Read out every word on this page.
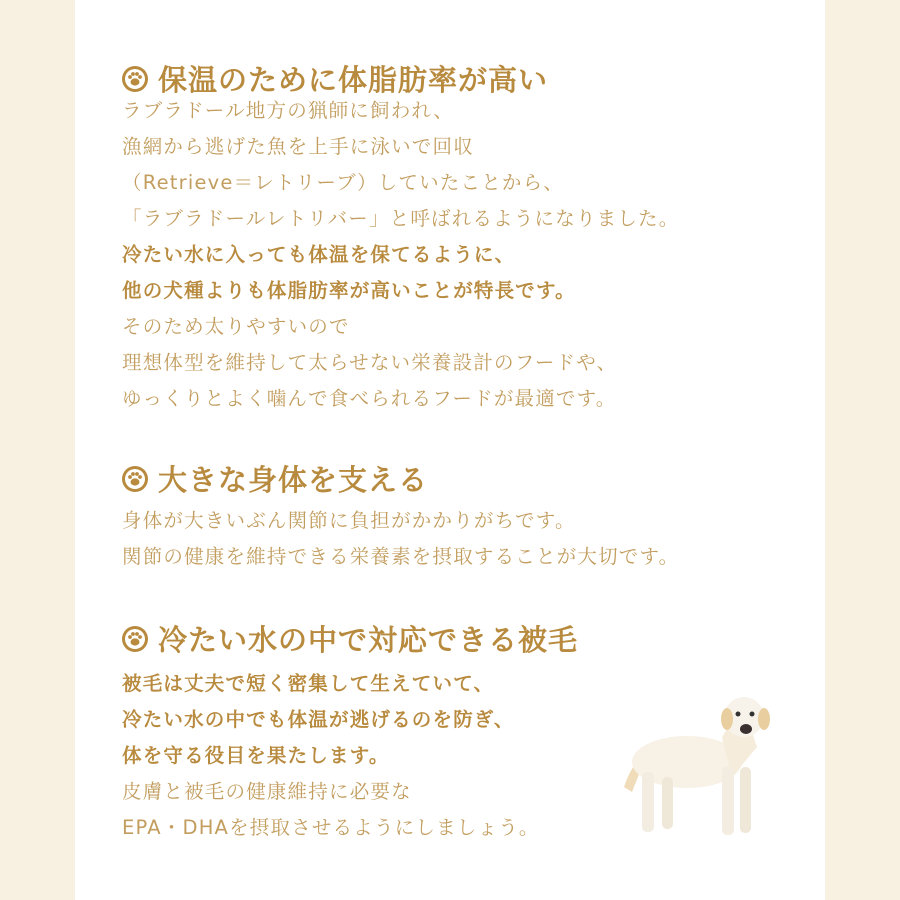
保温のために体脂肪率が高い
ラブラドール地方の猟師に飼われ、
漁網から逃げた魚を上手に泳いで回収
（Retrieve＝レトリーブ）していたことから、
「ラブラドールレトリバー」と呼ばれるようになりました。
冷たい水に入っても体温を保てるように、
他の犬種よりも体脂肪率が高いことが特長です。
そのため太りやすいので
理想体型を維持して太らせない栄養設計のフードや、
ゆっくりとよく噛んで食べられるフードが最適です。
大きな身体を支える
身体が大きいぶん関節に負担がかかりがちです。
関節の健康を維持できる栄養素を摂取することが大切です。
冷たい水の中で対応できる被毛
被毛は丈夫で短く密集して生えていて、
冷たい水の中でも体温が逃げるのを防ぎ、
体を守る役目を果たします。
皮膚と被毛の健康維持に必要な
EPA・DHAを摂取させるようにしましょう。
